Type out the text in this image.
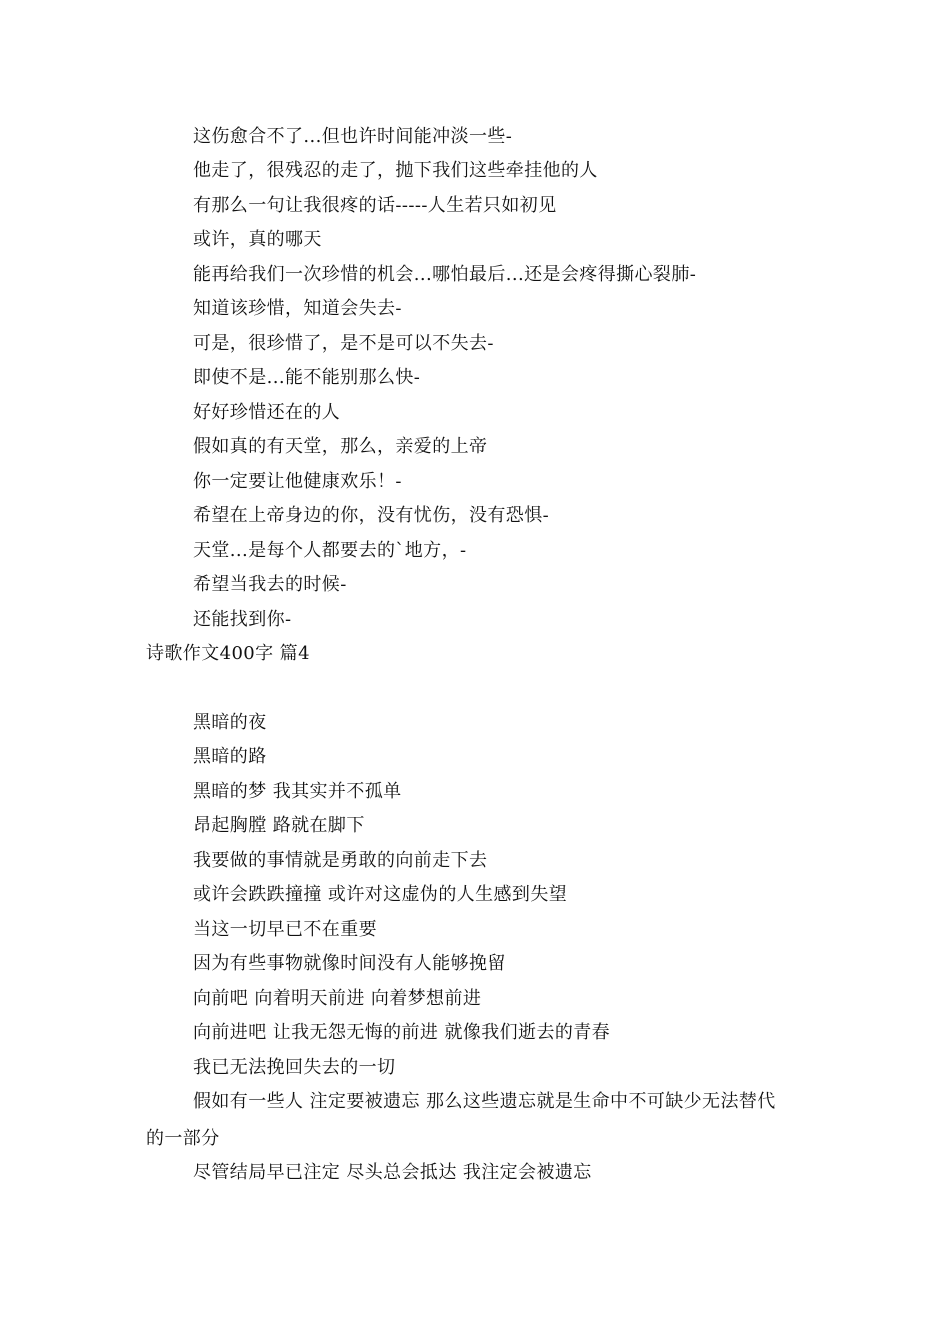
这伤愈合不了...但也许时间能冲淡一些-

他走了，很残忍的走了，抛下我们这些牵挂他的人

有那么一句让我很疼的话-----人生若只如初见

或许，真的哪天

能再给我们一次珍惜的机会...哪怕最后...还是会疼得撕心裂肺-

知道该珍惜，知道会失去-

可是，很珍惜了，是不是可以不失去-

即使不是...能不能别那么快-

好好珍惜还在的人

假如真的有天堂，那么，亲爱的上帝

你一定要让他健康欢乐！-

希望在上帝身边的你，没有忧伤，没有恐惧-

天堂...是每个人都要去的`地方，-

希望当我去的时候-

还能找到你-

诗歌作文400字 篇4

黑暗的夜

黑暗的路

黑暗的梦 我其实并不孤单

昂起胸膛 路就在脚下

我要做的事情就是勇敢的向前走下去

或许会跌跌撞撞 或许对这虚伪的人生感到失望

当这一切早已不在重要

因为有些事物就像时间没有人能够挽留

向前吧 向着明天前进 向着梦想前进

向前进吧 让我无怨无悔的前进 就像我们逝去的青春

我已无法挽回失去的一切

假如有一些人 注定要被遗忘 那么这些遗忘就是生命中不可缺少无法替代

的一部分

尽管结局早已注定 尽头总会抵达 我注定会被遗忘
